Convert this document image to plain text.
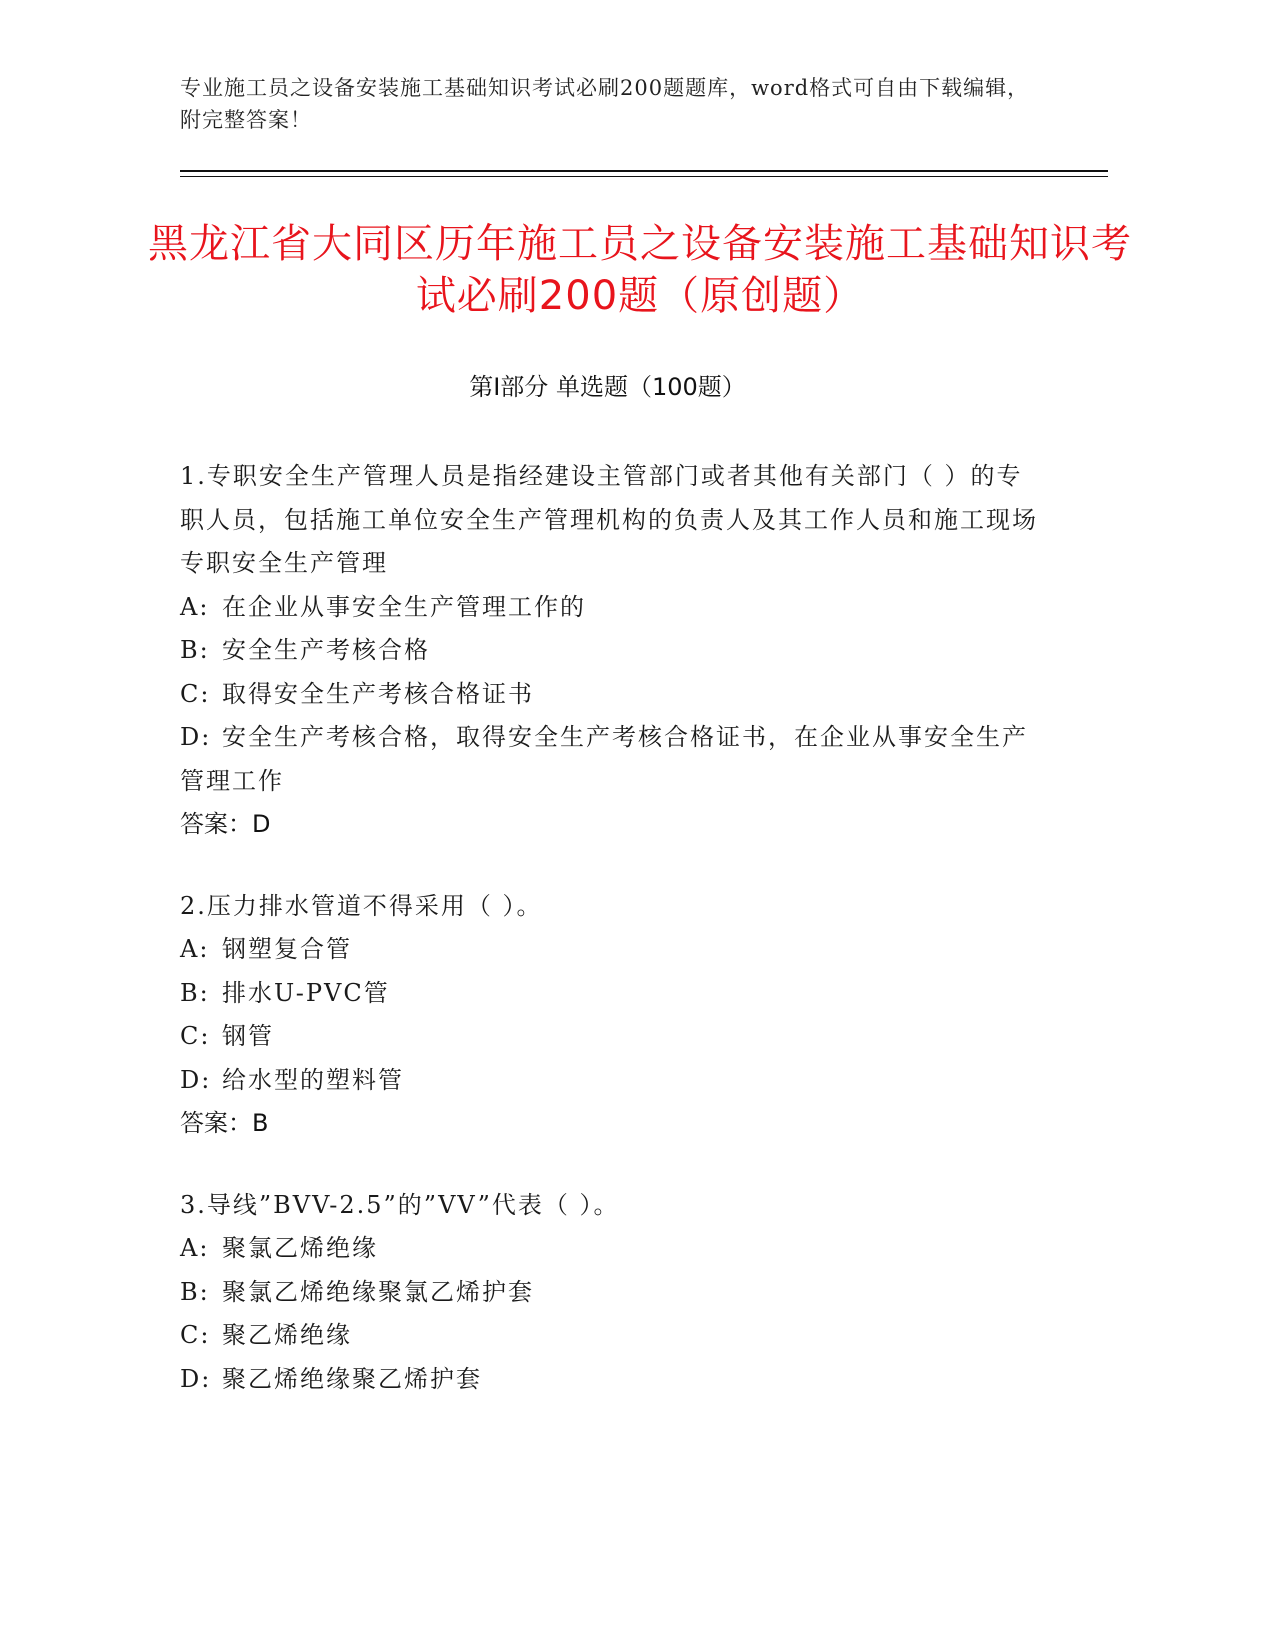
专业施工员之设备安装施工基础知识考试必刷200题题库，word格式可自由下载编辑，附完整答案！
黑龙江省大同区历年施工员之设备安装施工基础知识考试必刷200题（原创题）
第Ⅰ部分 单选题（100题）
1.专职安全生产管理人员是指经建设主管部门或者其他有关部门（ ）的专职人员，包括施工单位安全生产管理机构的负责人及其工作人员和施工现场专职安全生产管理
A: 在企业从事安全生产管理工作的
B: 安全生产考核合格
C: 取得安全生产考核合格证书
D: 安全生产考核合格，取得安全生产考核合格证书，在企业从事安全生产管理工作
答案：D
2.压力排水管道不得采用（ ）。
A: 钢塑复合管
B: 排水U-PVC管
C: 钢管
D: 给水型的塑料管
答案：B
3.导线”BVV-2.5”的”VV”代表（ ）。
A: 聚氯乙烯绝缘
B: 聚氯乙烯绝缘聚氯乙烯护套
C: 聚乙烯绝缘
D: 聚乙烯绝缘聚乙烯护套
